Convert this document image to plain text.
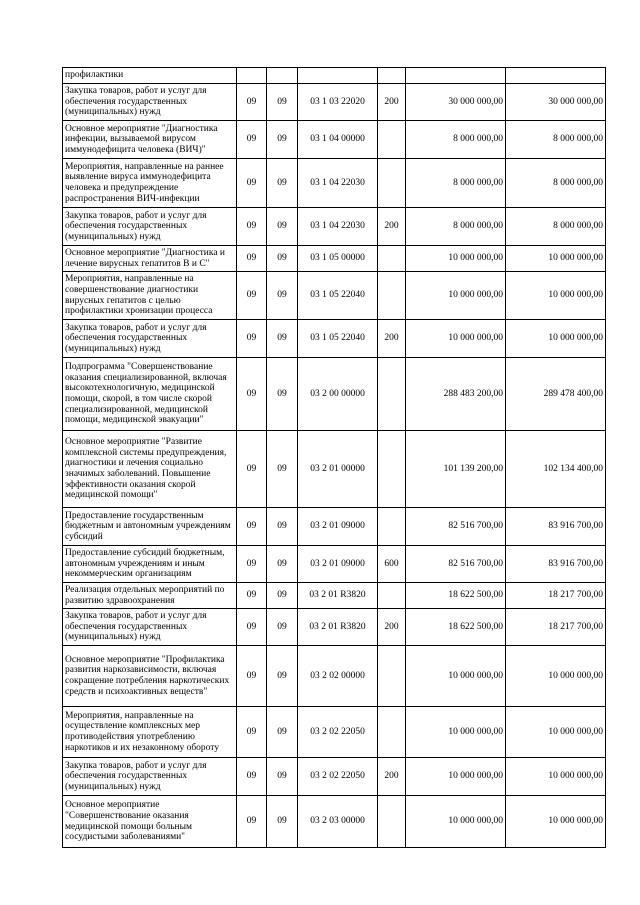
профилактики						
Закупка товаров, работ и услуг для обеспечения государственных (муниципальных) нужд	09	09	03 1 03 22020	200	30 000 000,00	30 000 000,00
Основное мероприятие "Диагностика инфекции, вызываемой вирусом иммунодефицита человека (ВИЧ)"	09	09	03 1 04 00000		8 000 000,00	8 000 000,00
Мероприятия, направленные на раннее выявление вируса иммунодефицита человека и предупреждение распространения ВИЧ-инфекции	09	09	03 1 04 22030		8 000 000,00	8 000 000,00
Закупка товаров, работ и услуг для обеспечения государственных (муниципальных) нужд	09	09	03 1 04 22030	200	8 000 000,00	8 000 000,00
Основное мероприятие "Диагностика и лечение вирусных гепатитов В и С"	09	09	03 1 05 00000		10 000 000,00	10 000 000,00
Мероприятия, направленные на совершенствование диагностики вирусных гепатитов с целью профилактики хронизации процесса	09	09	03 1 05 22040		10 000 000,00	10 000 000,00
Закупка товаров, работ и услуг для обеспечения государственных (муниципальных) нужд	09	09	03 1 05 22040	200	10 000 000,00	10 000 000,00
Подпрограмма "Совершенствование оказания специализированной, включая высокотехнологичную, медицинской помощи, скорой, в том числе скорой специализированной, медицинской помощи, медицинской эвакуации"	09	09	03 2 00 00000		288 483 200,00	289 478 400,00
Основное мероприятие "Развитие комплексной системы предупреждения, диагностики и лечения социально значимых заболеваний. Повышение эффективности оказания скорой медицинской помощи"	09	09	03 2 01 00000		101 139 200,00	102 134 400,00
Предоставление государственным бюджетным и автономным учреждениям субсидий	09	09	03 2 01 09000		82 516 700,00	83 916 700,00
Предоставление субсидий бюджетным, автономным учреждениям и иным некоммерческим организациям	09	09	03 2 01 09000	600	82 516 700,00	83 916 700,00
Реализация отдельных мероприятий по развитию здравоохранения	09	09	03 2 01 R3820		18 622 500,00	18 217 700,00
Закупка товаров, работ и услуг для обеспечения государственных (муниципальных) нужд	09	09	03 2 01 R3820	200	18 622 500,00	18 217 700,00
Основное мероприятие "Профилактика развития наркозависимости, включая сокращение потребления наркотических средств и психоактивных веществ"	09	09	03 2 02 00000		10 000 000,00	10 000 000,00
Мероприятия, направленные на осуществление комплексных мер противодействия употреблению наркотиков и их незаконному обороту	09	09	03 2 02 22050		10 000 000,00	10 000 000,00
Закупка товаров, работ и услуг для обеспечения государственных (муниципальных) нужд	09	09	03 2 02 22050	200	10 000 000,00	10 000 000,00
Основное мероприятие "Совершенствование оказания медицинской помощи больным сосудистыми заболеваниями"	09	09	03 2 03 00000		10 000 000,00	10 000 000,00
